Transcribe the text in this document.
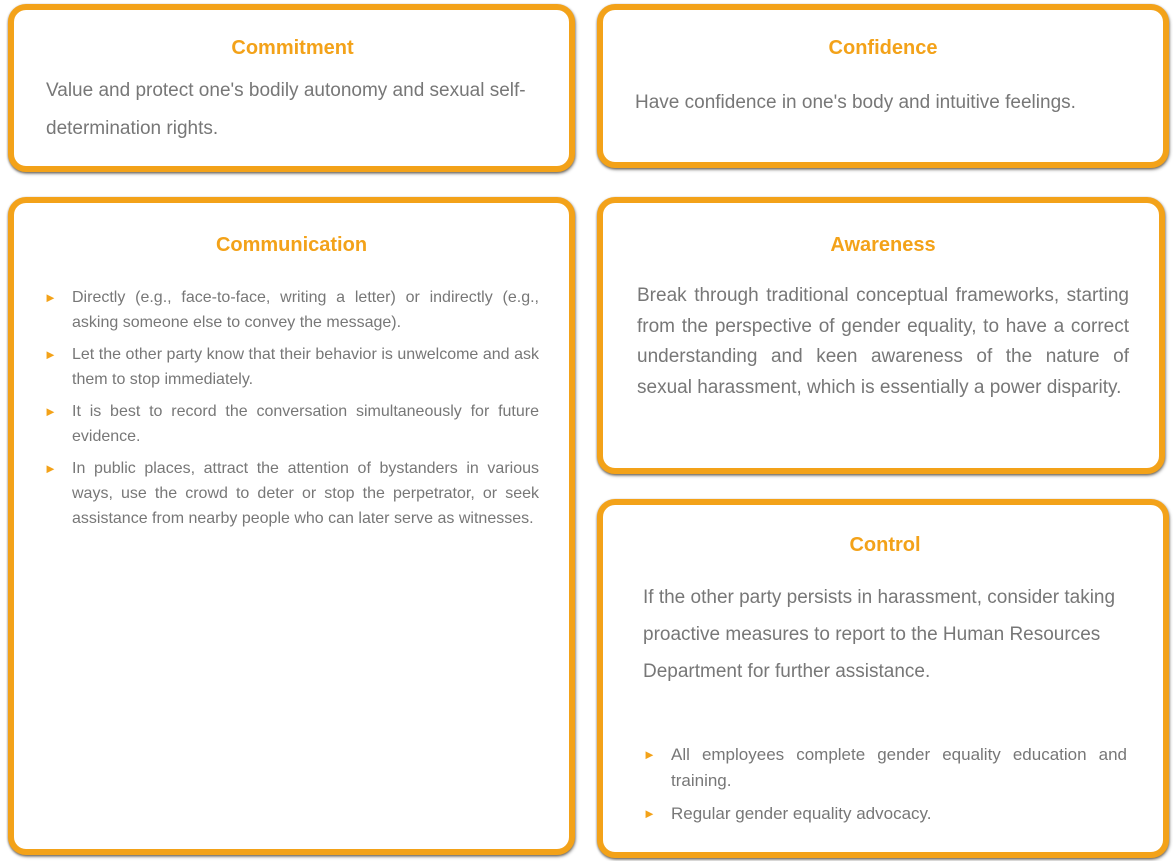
Commitment

Value and protect one's bodily autonomy and sexual self-determination rights.

Confidence

Have confidence in one's body and intuitive feelings.

Communication
► Directly (e.g., face-to-face, writing a letter) or indirectly (e.g., asking someone else to convey the message).
► Let the other party know that their behavior is unwelcome and ask them to stop immediately.
► It is best to record the conversation simultaneously for future evidence.
► In public places, attract the attention of bystanders in various ways, use the crowd to deter or stop the perpetrator, or seek assistance from nearby people who can later serve as witnesses.
Awareness

Break through traditional conceptual frameworks, starting from the perspective of gender equality, to have a correct understanding and keen awareness of the nature of sexual harassment, which is essentially a power disparity.

Control

If the other party persists in harassment, consider taking proactive measures to report to the Human Resources Department for further assistance.

► All employees complete gender equality education and training.
► Regular gender equality advocacy.
